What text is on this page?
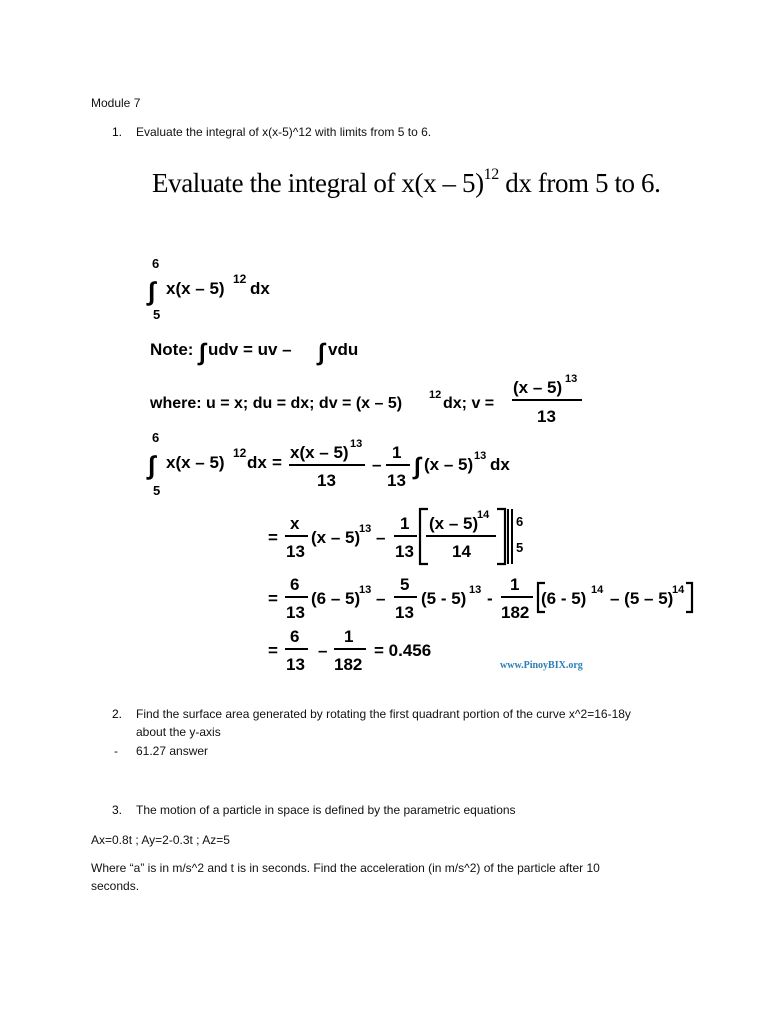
Module 7
1. Evaluate the integral of x(x-5)^12 with limits from 5 to 6.
Evaluate the integral of x(x – 5)$^{12}$ dx from 5 to 6.
6
∫ x(x – 5) 12 dx
5
Note: ∫ udv = uv – ∫ vdu
where: u = x; du = dx; dv = (x – 5) 12 dx; v =
(x – 5) 13
13
6
∫ x(x – 5) 12 dx
5
=
x(x – 5) 13
13
–
1
13
∫ (x – 5) 13 dx
=
x
13
(x – 5)
13 –
1
13
(x – 5)
14
14
6
5
=
6
13
(6 – 5)
13 –
5
13
(5 - 5) 13 -
1
182
(6 - 5) 14 – (5 – 5)
14
=
6
13
–
1
182
= 0.456
www.PinoyBIX.org
2. Find the surface area generated by rotating the first quadrant portion of the curve x^2=16-18y
about the y-axis
- 61.27 answer
3. The motion of a particle in space is defined by the parametric equations
Ax=0.8t ; Ay=2-0.3t ; Az=5
Where “a” is in m/s^2 and t is in seconds. Find the acceleration (in m/s^2) of the particle after 10
seconds.
